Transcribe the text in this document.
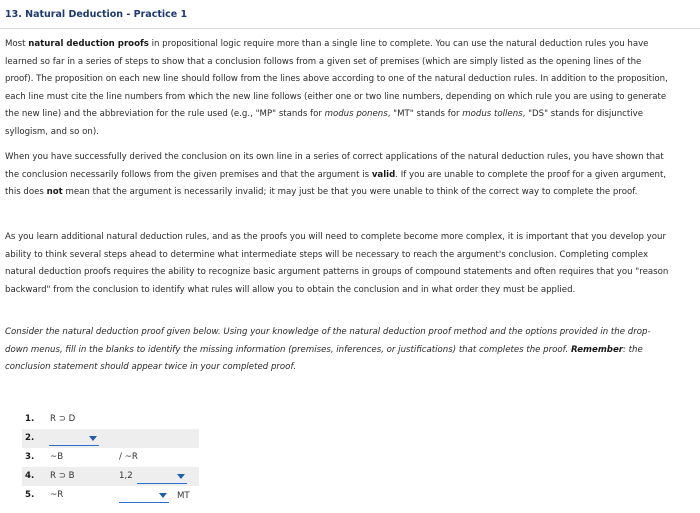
13. Natural Deduction - Practice 1

Most natural deduction proofs in propositional logic require more than a single line to complete. You can use the natural deduction rules you have learned so far in a series of steps to show that a conclusion follows from a given set of premises (which are simply listed as the opening lines of the proof). The proposition on each new line should follow from the lines above according to one of the natural deduction rules. In addition to the proposition, each line must cite the line numbers from which the new line follows (either one or two line numbers, depending on which rule you are using to generate the new line) and the abbreviation for the rule used (e.g., "MP" stands for modus ponens, "MT" stands for modus tollens, "DS" stands for disjunctive syllogism, and so on).

When you have successfully derived the conclusion on its own line in a series of correct applications of the natural deduction rules, you have shown that the conclusion necessarily follows from the given premises and that the argument is valid. If you are unable to complete the proof for a given argument, this does not mean that the argument is necessarily invalid; it may just be that you were unable to think of the correct way to complete the proof.

As you learn additional natural deduction rules, and as the proofs you will need to complete become more complex, it is important that you develop your ability to think several steps ahead to determine what intermediate steps will be necessary to reach the argument's conclusion. Completing complex natural deduction proofs requires the ability to recognize basic argument patterns in groups of compound statements and often requires that you "reason backward" from the conclusion to identify what rules will allow you to obtain the conclusion and in what order they must be applied.

Consider the natural deduction proof given below. Using your knowledge of the natural deduction proof method and the options provided in the drop-down menus, fill in the blanks to identify the missing information (premises, inferences, or justifications) that completes the proof. Remember: the conclusion statement should appear twice in your completed proof.

1. R ⊃ D
2.
3. ~B	/ ~R
4. R ⊃ B	1,2
5. ~R	MT
